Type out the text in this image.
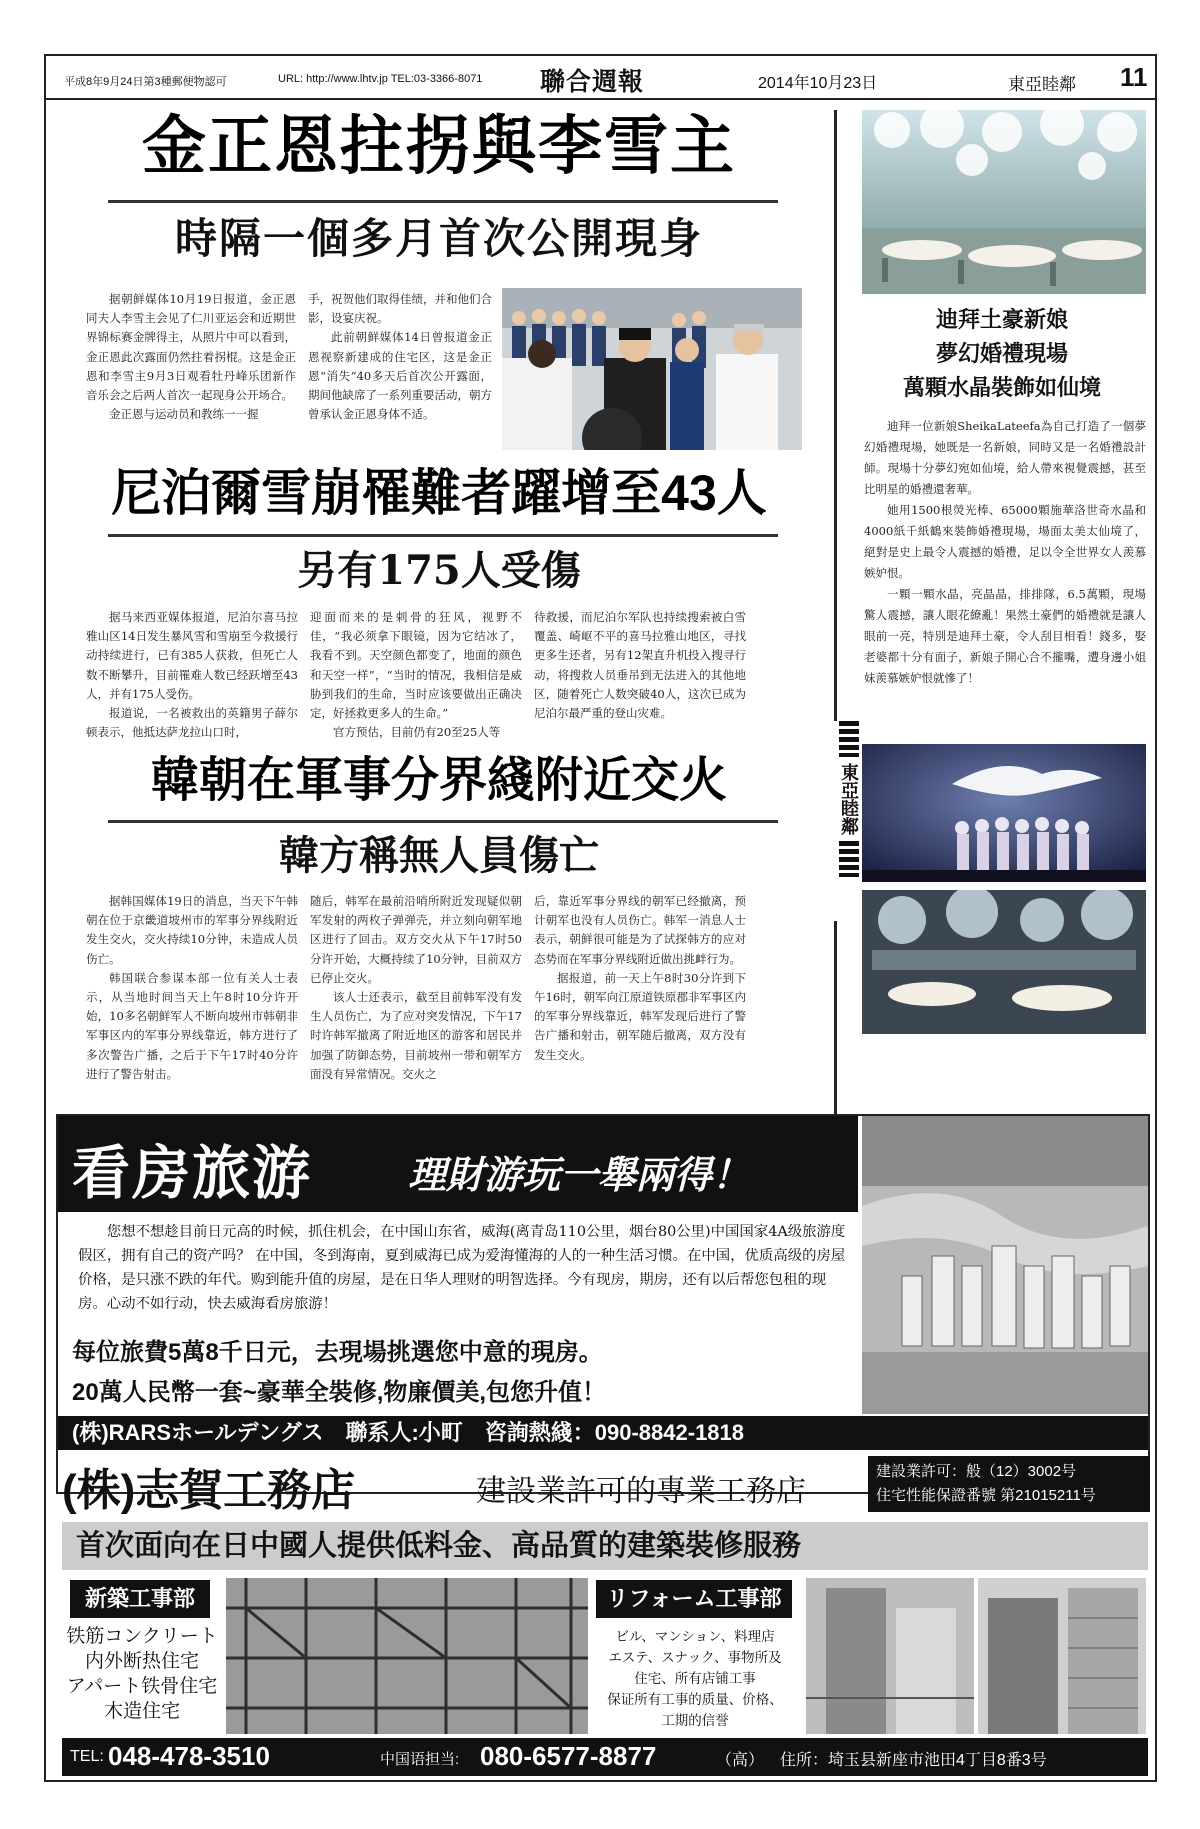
平成8年9月24日第3種郵便物認可	URL: http://www.lhtv.jp TEL:03-3366-8071 聯合週報	2014年10月23日	東亞睦鄰 11
金正恩拄拐與李雪主
時隔一個多月首次公開現身

据朝鲜媒体10月19日报道，金正恩同夫人李雪主会见了仁川亚运会和近期世界锦标赛金牌得主，从照片中可以看到，金正恩此次露面仍然拄着拐棍。这是金正恩和李雪主9月3日观看牡丹峰乐团新作音乐会之后两人首次一起现身公开场合。

金正恩与运动员和教练一一握

手，祝贺他们取得佳绩，并和他们合影，设宴庆祝。

此前朝鲜媒体14日曾报道金正恩视察新建成的住宅区，这是金正恩“消失”40多天后首次公开露面，期间他缺席了一系列重要活动，朝方曾承认金正恩身体不适。

尼泊爾雪崩罹難者躍增至43人
另有175人受傷

据马来西亚媒体报道，尼泊尔喜马拉雅山区14日发生暴风雪和雪崩至今救援行动持续进行，已有385人获救，但死亡人数不断攀升，目前罹难人数已经跃增至43人，并有175人受伤。

报道说，一名被救出的英籍男子薛尔顿表示，他抵达萨龙拉山口时，

迎面而来的是剌骨的狂风，视野不佳，“我必须拿下眼镜，因为它结冰了，我看不到。天空颜色都变了，地面的颜色和天空一样”，“当时的情况，我相信是威胁到我们的生命，当时应该要做出正确决定，好拯救更多人的生命。”

官方预估，目前仍有20至25人等

待救援，而尼泊尔军队也持续搜索被白雪覆盖、崎岖不平的喜马拉雅山地区，寻找更多生还者，另有12架直升机投入搜寻行动，将搜救人员垂吊到无法进入的其他地区，随着死亡人数突破40人，这次已成为尼泊尔最严重的登山灾难。

韓朝在軍事分界綫附近交火
韓方稱無人員傷亡

据韩国媒体19日的消息，当天下午韩朝在位于京畿道坡州市的军事分界线附近发生交火，交火持续10分钟，未造成人员伤亡。

韩国联合参谋本部一位有关人士表示，从当地时间当天上午8时10分许开始，10多名朝鲜军人不断向坡州市韩朝非军事区内的军事分界线靠近，韩方进行了多次警告广播，之后于下午17时40分许进行了警告射击。

随后，韩军在最前沿哨所附近发现疑似朝军发射的两枚子弹弹壳，并立刻向朝军地区进行了回击。双方交火从下午17时50分许开始，大概持续了10分钟，目前双方已停止交火。

该人士还表示，截至目前韩军没有发生人员伤亡，为了应对突发情况，下午17时许韩军撤离了附近地区的游客和居民并加强了防御态势，目前坡州一带和朝军方面没有异常情况。交火之

后，靠近军事分界线的朝军已经撤离，预计朝军也没有人员伤亡。韩军一消息人士表示，朝鲜很可能是为了试探韩方的应对态势而在军事分界线附近做出挑衅行为。

据报道，前一天上午8时30分许到下午16时，朝军向江原道铁原郡非军事区内的军事分界线靠近，韩军发现后进行了警告广播和射击，朝军随后撤离，双方没有发生交火。

迪拜土豪新娘
夢幻婚禮現場
萬顆水晶裝飾如仙境

迪拜一位新娘SheikaLateefa為自己打造了一個夢幻婚禮現場，她既是一名新娘，同時又是一名婚禮設計師。現場十分夢幻宛如仙境，給人帶來視覺震撼，甚至比明星的婚禮還奢華。

她用1500根熒光棒、65000顆施華洛世奇水晶和4000紙千紙鶴來裝飾婚禮現場，場面太美太仙境了，絕對是史上最令人震撼的婚禮，足以令全世界女人羨慕嫉妒恨。

一顆一顆水晶，亮晶晶，排排隊，6.5萬顆，現場驚人震撼，讓人眼花繚亂！果然土豪們的婚禮就是讓人眼前一亮，特別是迪拜土豪，令人刮目相看！錢多，娶老婆都十分有面子，新娘子開心合不攏嘴，遭身邊小姐妹羨慕嫉妒恨就慘了！

東亞睦鄰
看房旅游	理財游玩一舉兩得！

您想不想趁目前日元高的时候，抓住机会，在中国山东省，威海(离青岛110公里，烟台80公里)中国国家4A级旅游度假区，拥有自己的资产吗？ 在中国，冬到海南，夏到威海已成为爱海懂海的人的一种生活习惯。在中国，优质高级的房屋价格，是只涨不跌的年代。购到能升值的房屋，是在日华人理财的明智选择。今有现房，期房，还有以后帮您包租的现房。心动不如行动，快去威海看房旅游！

每位旅費5萬8千日元，去現場挑選您中意的現房。
20萬人民幣一套~豪華全裝修,物廉價美,包您升值！
(株)RARSホールデングス　聯系人:小町　咨詢熱綫：090-8842-1818
(株)志賀工務店	建設業許可的專業工務店
建設業許可：般（12）3002号
住宅性能保證番號 第21015211号
首次面向在日中國人提供低料金、高品質的建築裝修服務
新築工事部
铁筋コンクリート
内外断热住宅
アパート铁骨住宅
木造住宅
リフォーム工事部
ビル、マンション、料理店
エステ、スナック、事物所及
住宅、所有店铺工事
保证所有工事的质量、价格、
工期的信誉
TEL: 048-478-3510	中国语担当: 080-6577-8877	（高） 住所：埼玉县新座市池田4丁目8番3号
